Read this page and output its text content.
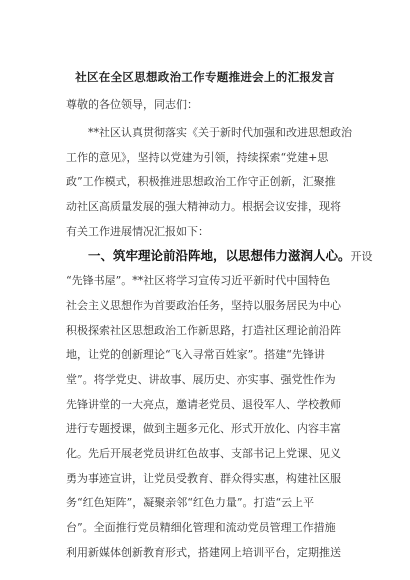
社区在全区思想政治工作专题推进会上的汇报发言
尊敬的各位领导，同志们：
**社区认真贯彻落实《关于新时代加强和改进思想政治
工作的意见》，坚持以党建为引领，持续探索“党建+思
政”工作模式，积极推进思想政治工作守正创新，汇聚推
动社区高质量发展的强大精神动力。根据会议安排，现将
有关工作进展情况汇报如下：
一、筑牢理论前沿阵地，以思想伟力滋润人心。开设
“先锋书屋”。**社区将学习宣传习近平新时代中国特色
社会主义思想作为首要政治任务，坚持以服务居民为中心
积极探索社区思想政治工作新思路，打造社区理论前沿阵
地，让党的创新理论“飞入寻常百姓家”。搭建“先锋讲
堂”。将学党史、讲故事、展历史、亦实事、强党性作为
先锋讲堂的一大亮点，邀请老党员、退役军人、学校教师
进行专题授课，做到主题多元化、形式开放化、内容丰富
化。先后开展老党员讲红色故事、支部书记上党课、见义
勇为事迹宣讲，让党员受教育、群众得实惠，构建社区服
务“红色矩阵”，凝聚亲邻“红色力量”。打造“云上平
台”。全面推行党员精细化管理和流动党员管理工作措施
利用新媒体创新教育形式，搭建网上培训平台，定期推送
